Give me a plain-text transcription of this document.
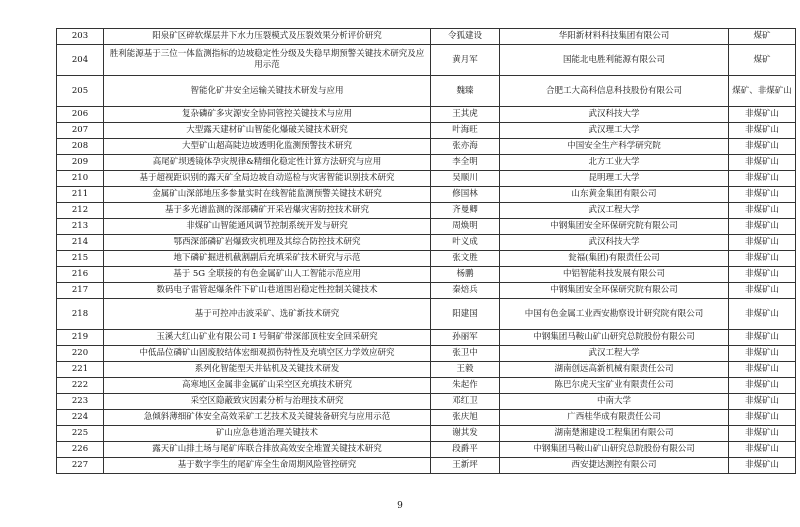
203	阳泉矿区碎软煤层井下水力压裂模式及压裂效果分析评价研究	令狐建设	华阳新材料科技集团有限公司	煤矿
204	胜利能源基于三位一体监测指标的边坡稳定性分级及失稳早期预警关键技术研究及应用示范	黄月军	国能北电胜利能源有限公司	煤矿
205	智能化矿井安全运输关键技术研发与应用	魏臻	合肥工大高科信息科技股份有限公司	煤矿、非煤矿山
206	复杂磷矿多灾源安全协同管控关键技术与应用	王其虎	武汉科技大学	非煤矿山
207	大型露天建材矿山智能化爆破关键技术研究	叶海旺	武汉理工大学	非煤矿山
208	大型矿山超高陡边坡透明化监测预警技术研究	张亦海	中国安全生产科学研究院	非煤矿山
209	高尾矿坝透镜体孕灾规律&精细化稳定性计算方法研究与应用	李全明	北方工业大学	非煤矿山
210	基于超视距识别的露天矿全局边坡自动巡检与灾害智能识别技术研究	吴顺川	昆明理工大学	非煤矿山
211	金属矿山深部地压多参量实时在线智能监测预警关键技术研究	修国林	山东黄金集团有限公司	非煤矿山
212	基于多光谱监测的深部磷矿开采岩爆灾害防控技术研究	齐曼卿	武汉工程大学	非煤矿山
213	非煤矿山智能通风调节控制系统开发与研究	周焕明	中钢集团安全环保研究院有限公司	非煤矿山
214	鄂西深部磷矿岩爆致灾机理及其综合防控技术研究	叶义成	武汉科技大学	非煤矿山
215	地下磷矿掘进机截割副后充填采矿技术研究与示范	张文胜	瓮福(集团)有限责任公司	非煤矿山
216	基于 5G 全联接的有色金属矿山人工智能示范应用	杨鹏	中铝智能科技发展有限公司	非煤矿山
217	数码电子雷管起爆条件下矿山巷道围岩稳定性控制关键技术	秦焙兵	中钢集团安全环保研究院有限公司	非煤矿山
218	基于可控冲击波采矿、选矿新技术研究	阳建国	中国有色金属工业西安勘察设计研究院有限公司	非煤矿山
219	玉溪大红山矿业有限公司 I 号铜矿带深部顶柱安全回采研究	孙丽军	中钢集团马鞍山矿山研究总院股份有限公司	非煤矿山
220	中低品位磷矿山固废胶结体宏细观损伤特性及充填空区力学效应研究	张卫中	武汉工程大学	非煤矿山
221	系列化智能型天井钻机及关键技术研发	王毅	湖南创远高新机械有限责任公司	非煤矿山
222	高寒地区金属非金属矿山采空区充填技术研究	朱起作	陈巴尔虎天宝矿业有限责任公司	非煤矿山
223	采空区隐蔽致灾因素分析与治理技术研究	邓红卫	中南大学	非煤矿山
224	急倾斜薄细矿体安全高效采矿工艺技术及关键装备研究与应用示范	张庆旭	广西桂华成有限责任公司	非煤矿山
225	矿山应急巷道治理关键技术	谢其发	湖南楚湘建设工程集团有限公司	非煤矿山
226	露天矿山排土场与尾矿库联合排放高效安全堆置关键技术研究	段爵平	中钢集团马鞍山矿山研究总院股份有限公司	非煤矿山
227	基于数字孪生的尾矿库全生命周期风险管控研究	王新坪	西安捷达测控有限公司	非煤矿山
9
